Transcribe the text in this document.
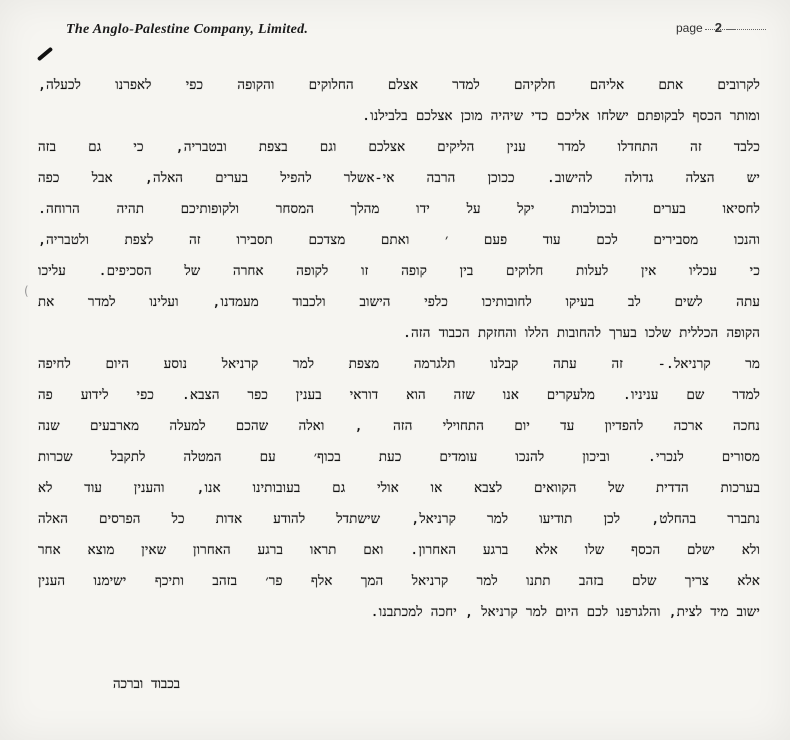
The Anglo-Palestine Company, Limited.	page 2
(
לקרובים אתם אליהם חלקיהם למדר אצלם החלוקים והקופה כפי לאפרנו לכעלה,
ומותר הכסף לבקופתם ישלחו אליכם כדי שיהיה מוכן אצלכם בלבילנו.
כלבד זה התחדלו למדר ענין הליקים אצלכם וגם בצפת ובטבריה, כי גם בזה
יש הצלה גדולה להישוב. ככוכן הרבה אי-אשלר להפיל בערים האלה, אבל כפה
לחסיאו בערים ובכולבות יקל על ידו מהלך המסחר ולקופותיכם תהיה הרוחה.
והנכו מסבירים לכם עוד פעם ׳ ואתם מצדכם תסבירו זה לצפת ולטבריה,
כי עכליו אין לעלות חלוקים בין קופה זו לקופה אחרה של הסכיפים. עליכו
עתה לשים לב בעיקו לחובותיכו כלפי הישוב ולכבוד מעמדנו, ועלינו למדר את
הקופה הכללית שלכו בערך להחובות הללו והחזקת הכבוד הזה.
מר קרניאל.- זה עתה קבלנו תלגרמה מצפת למר קרניאל נוסע היום לחיפה
למדר שם עניניו. מלעקרים אנו שזה הוא דוראי בענין כפר הצבא. כפי לידוע פה
נחכה ארכה להפדיון עד יום התחוילי הזה , ואלה שהכם למעלה מארבעים שנה
מסורים לנכרי. וביכון להנכו עומדים כעת בכוף׳ עם המטלה לתקבל שכרות
בערכות הדדית של הקוואים לצבא או אולי גם בעובותינו אנו, והענין עוד לא
נתברר בהחלט, לכן תודיעו למר קרניאל, שישתדל להודע אדות כל הפרסים האלה
ולא ישלם הכסף שלו אלא ברגע האחרון. ואם תראו ברגע האחרון שאין מוצא אחר
אלא צריך שלם בזהב תתנו למר קרניאל המך אלף פר׳ בזהב ותיכף ישימנו הענין
ישוב מיד לצית, והלגרפנו לכם היום למר קרניאל , יחכה למכתבנו.
בכבוד וברכה
